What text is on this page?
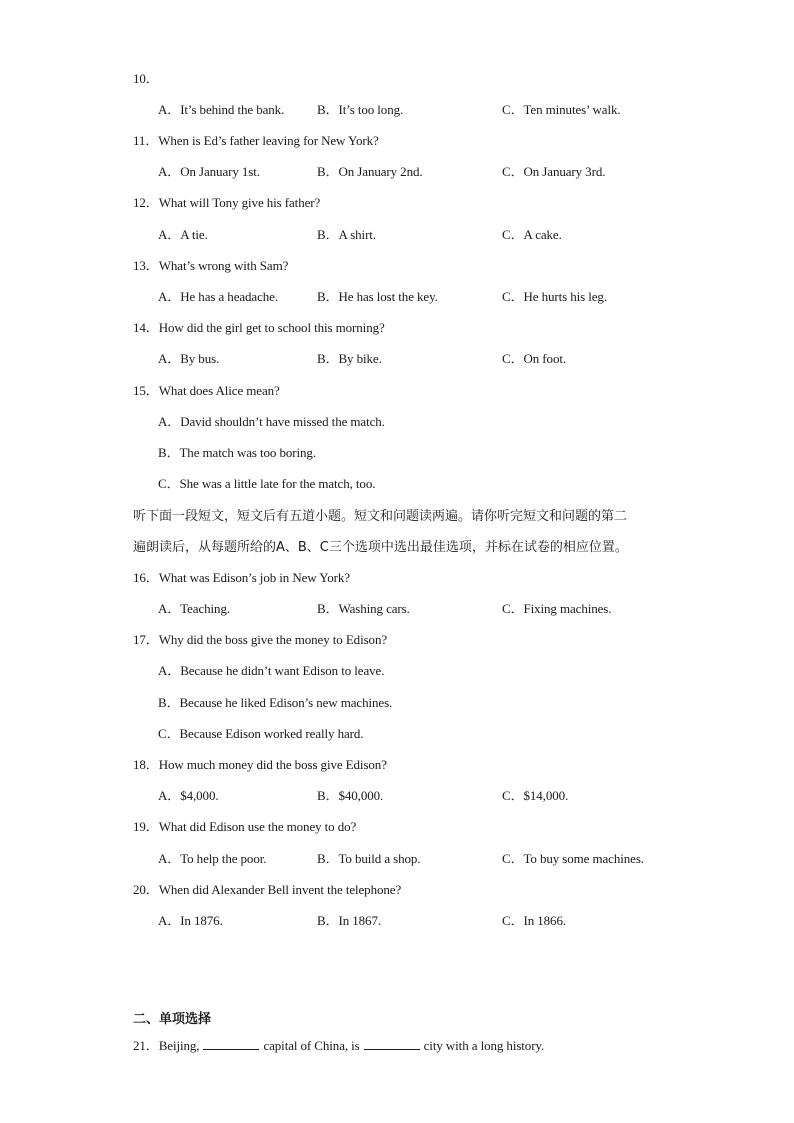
10．
A．It’s behind the bank.	B．It’s too long.	C．Ten minutes’ walk.
11．When is Ed’s father leaving for New York?
A．On January 1st.	B．On January 2nd.	C．On January 3rd.
12．What will Tony give his father?
A．A tie.	B．A shirt.	C．A cake.
13．What’s wrong with Sam?
A．He has a headache.	B．He has lost the key.	C．He hurts his leg.
14．How did the girl get to school this morning?
A．By bus.	B．By bike.	C．On foot.
15．What does Alice mean?
A．David shouldn’t have missed the match.
B．The match was too boring.
C．She was a little late for the match, too.
听下面一段短文，短文后有五道小题。短文和问题读两遍。请你听完短文和问题的第二
遍朗读后，从每题所给的A、B、C三个选项中选出最佳选项，并标在试卷的相应位置。
16．What was Edison’s job in New York?
A．Teaching.	B．Washing cars.	C．Fixing machines.
17．Why did the boss give the money to Edison?
A．Because he didn’t want Edison to leave.
B．Because he liked Edison’s new machines.
C．Because Edison worked really hard.
18．How much money did the boss give Edison?
A．$4,000.	B．$40,000.	C．$14,000.
19．What did Edison use the money to do?
A．To help the poor.	B．To build a shop.	C．To buy some machines.
20．When did Alexander Bell invent the telephone?
A．In 1876.	B．In 1867.	C．In 1866.
二、单项选择
21．Beijing,	capital of China, is	city with a long history.
